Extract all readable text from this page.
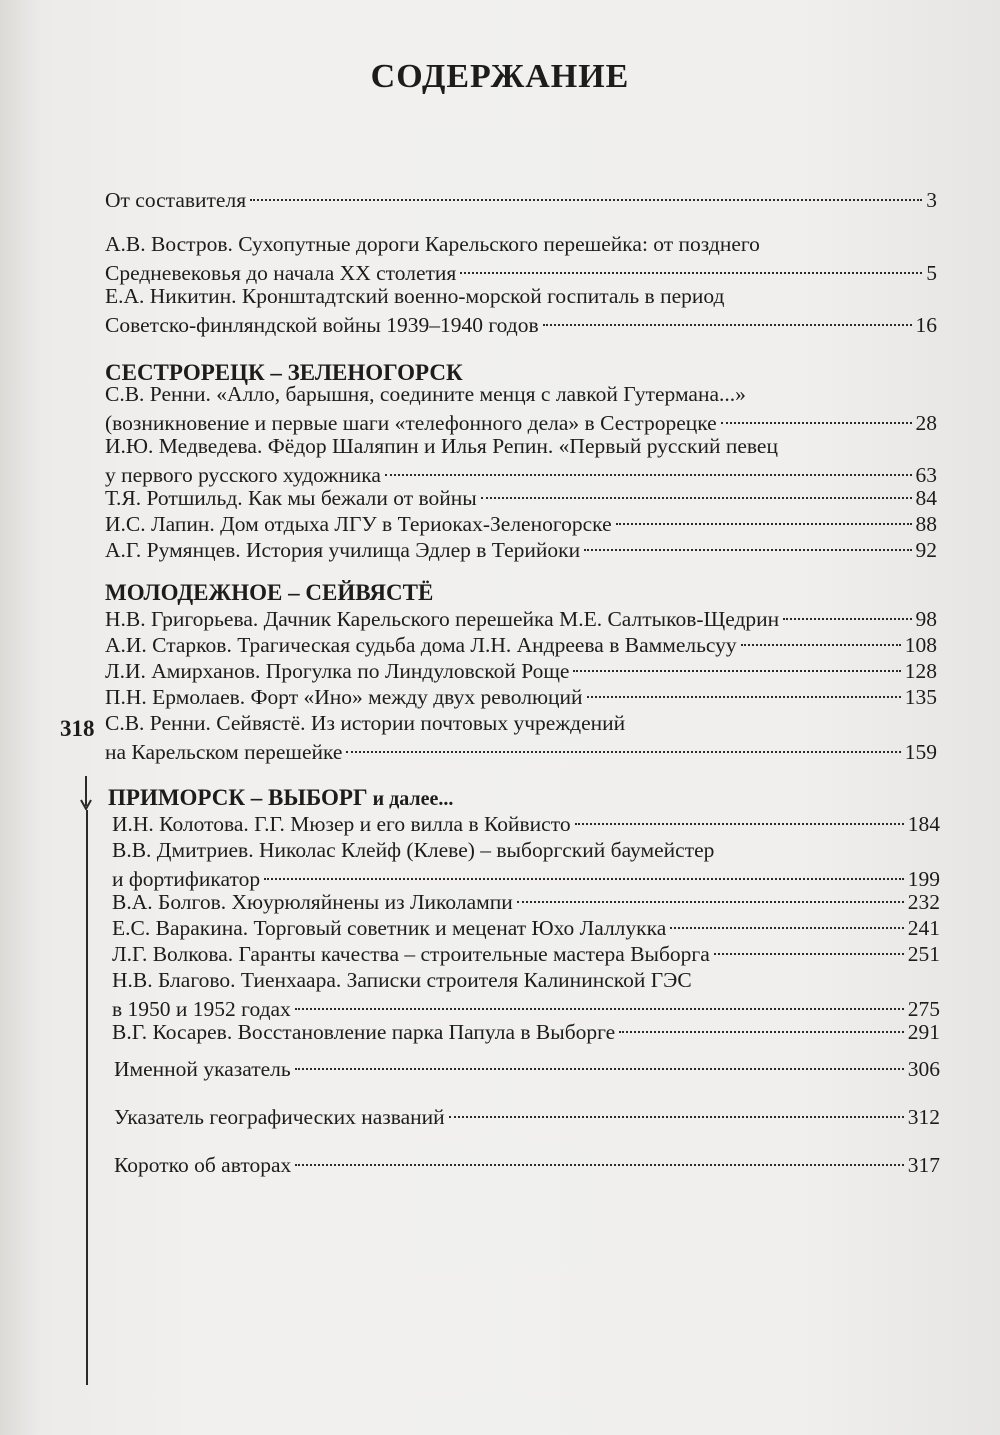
СОДЕРЖАНИЕ
318
От составителя	3
А.В. Востров. Сухопутные дороги Карельского перешейка: от позднего
Средневековья до начала XX столетия	5
Е.А. Никитин. Кронштадтский военно-морской госпиталь в период
Советско-финляндской войны 1939–1940 годов	16
СЕСТРОРЕЦК – ЗЕЛЕНОГОРСК
С.В. Ренни. «Алло, барышня, соедините менця с лавкой Гутермана...»
(возникновение и первые шаги «телефонного дела» в Сестрорецке	28
И.Ю. Медведева. Фёдор Шаляпин и Илья Репин. «Первый русский певец
у первого русского художника	63
Т.Я. Ротшильд. Как мы бежали от войны	84
И.С. Лапин. Дом отдыха ЛГУ в Териоках-Зеленогорске	88
А.Г. Румянцев. История училища Эдлер в Терийоки	92
МОЛОДЕЖНОЕ – СЕЙВЯСТЁ
Н.В. Григорьева. Дачник Карельского перешейка М.Е. Салтыков-Щедрин	98
А.И. Старков. Трагическая судьба дома Л.Н. Андреева в Ваммельсуу	108
Л.И. Амирханов. Прогулка по Линдуловской Роще	128
П.Н. Ермолаев. Форт «Ино» между двух революций	135
С.В. Ренни. Сейвястё. Из истории почтовых учреждений
на Карельском перешейке	159
ПРИМОРСК – ВЫБОРГ и далее...
И.Н. Колотова. Г.Г. Мюзер и его вилла в Койвисто	184
В.В. Дмитриев. Николас Клейф (Клеве) – выборгский баумейстер
и фортификатор	199
В.А. Болгов. Хюурюляйнены из Ликолампи	232
Е.С. Варакина. Торговый советник и меценат Юхо Лаллукка	241
Л.Г. Волкова. Гаранты качества – строительные мастера Выборга	251
Н.В. Благово. Тиенхаара. Записки строителя Калининской ГЭС
в 1950 и 1952 годах	275
В.Г. Косарев. Восстановление парка Папула в Выборге	291
Именной указатель	306
Указатель географических названий	312
Коротко об авторах	317
